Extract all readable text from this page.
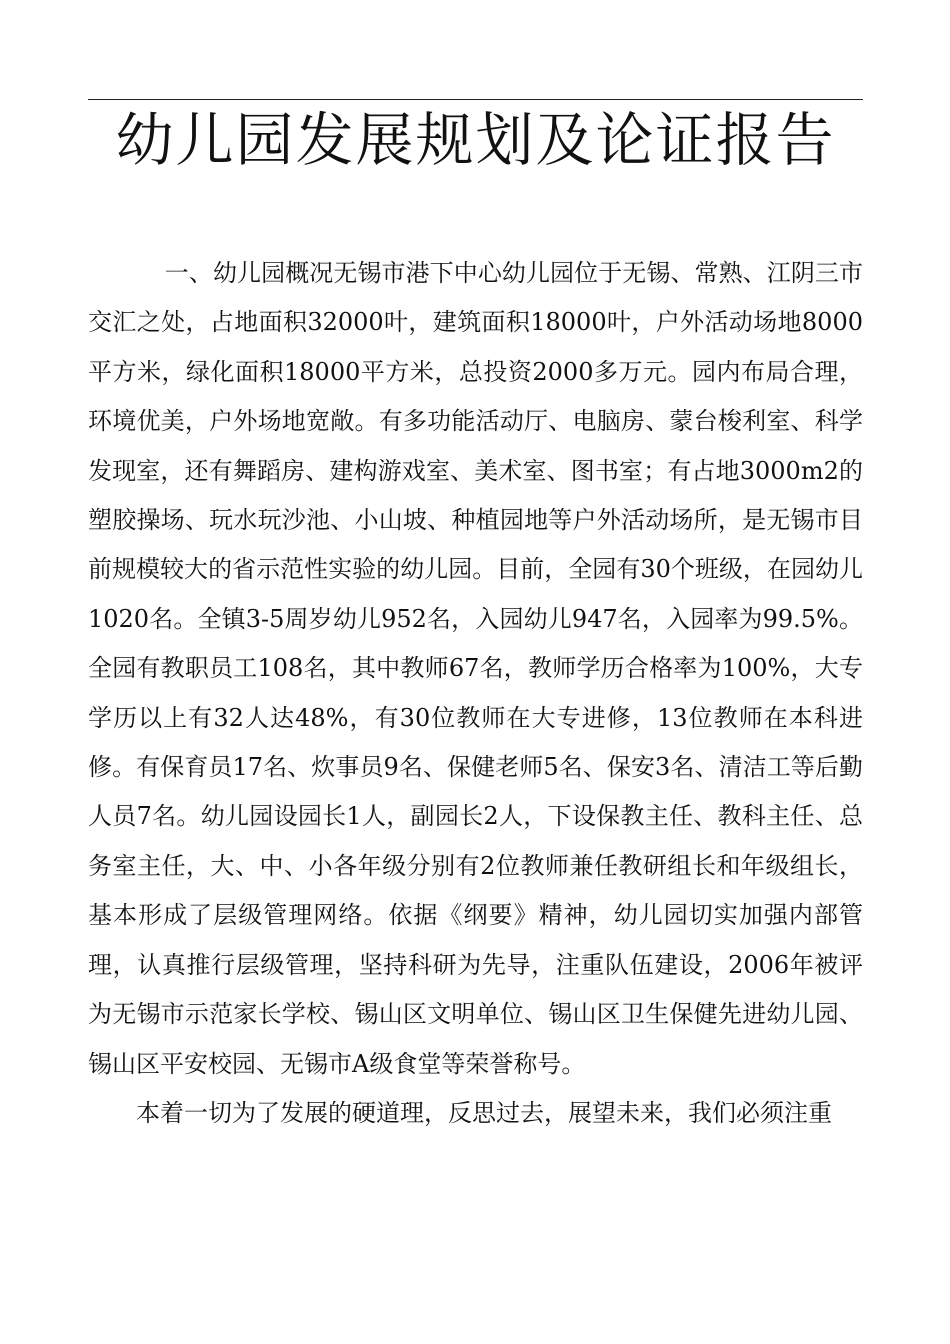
幼儿园发展规划及论证报告

一、幼儿园概况无锡市港下中心幼儿园位于无锡、常熟、江阴三市交汇之处，占地面积32000叶，建筑面积18000叶，户外活动场地8000平方米，绿化面积18000平方米，总投资2000多万元。园内布局合理，环境优美，户外场地宽敞。有多功能活动厅、电脑房、蒙台梭利室、科学发现室，还有舞蹈房、建构游戏室、美术室、图书室；有占地3000m2的塑胶操场、玩水玩沙池、小山坡、种植园地等户外活动场所，是无锡市目前规模较大的省示范性实验的幼儿园。目前，全园有30个班级，在园幼儿1020名。全镇3-5周岁幼儿952名，入园幼儿947名，入园率为99.5%。全园有教职员工108名，其中教师67名，教师学历合格率为100%，大专学历以上有32人达48%，有30位教师在大专进修，13位教师在本科进修。有保育员17名、炊事员9名、保健老师5名、保安3名、清洁工等后勤人员7名。幼儿园设园长1人，副园长2人，下设保教主任、教科主任、总务室主任，大、中、小各年级分别有2位教师兼任教研组长和年级组长，基本形成了层级管理网络。依据《纲要》精神，幼儿园切实加强内部管理，认真推行层级管理，坚持科研为先导，注重队伍建设，2006年被评为无锡市示范家长学校、锡山区文明单位、锡山区卫生保健先进幼儿园、锡山区平安校园、无锡市A级食堂等荣誉称号。

本着一切为了发展的硬道理，反思过去，展望未来，我们必须注重
